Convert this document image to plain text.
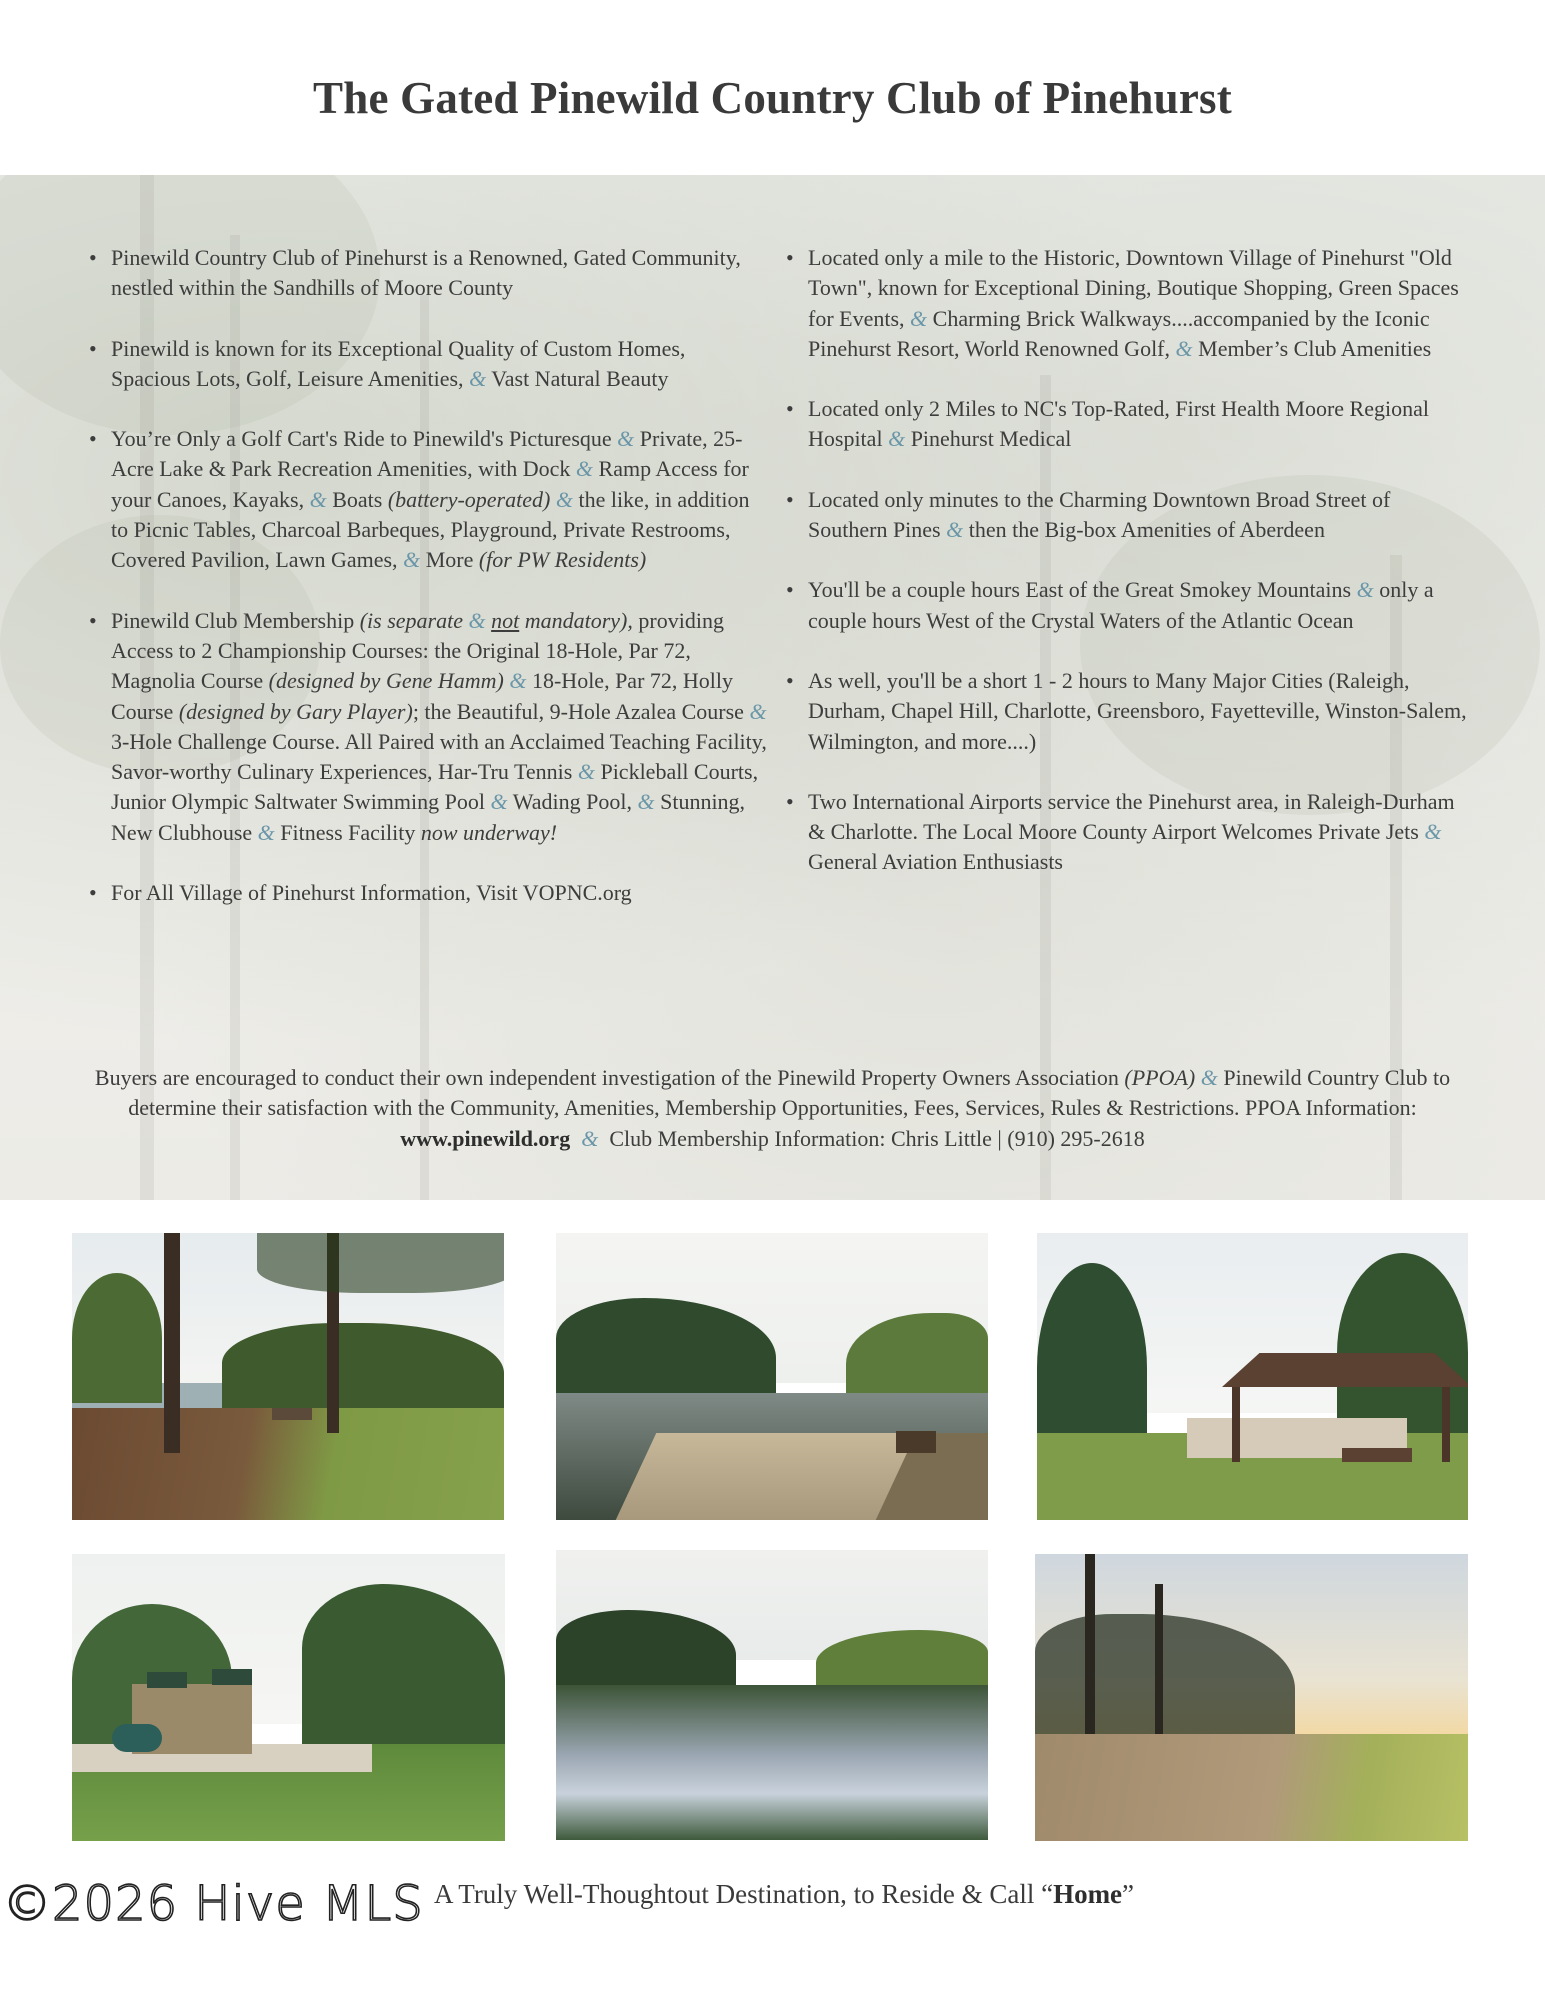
The Gated Pinewild Country Club of Pinehurst
• Pinewild Country Club of Pinehurst is a Renowned, Gated Community, nestled within the Sandhills of Moore County
• Pinewild is known for its Exceptional Quality of Custom Homes, Spacious Lots, Golf, Leisure Amenities, & Vast Natural Beauty
• You’re Only a Golf Cart's Ride to Pinewild's Picturesque & Private, 25-Acre Lake & Park Recreation Amenities, with Dock & Ramp Access for your Canoes, Kayaks, & Boats (battery-operated) & the like, in addition to Picnic Tables, Charcoal Barbeques, Playground, Private Restrooms, Covered Pavilion, Lawn Games, & More (for PW Residents)
• Pinewild Club Membership (is separate & not mandatory), providing Access to 2 Championship Courses: the Original 18-Hole, Par 72, Magnolia Course (designed by Gene Hamm) & 18-Hole, Par 72, Holly Course (designed by Gary Player); the Beautiful, 9-Hole Azalea Course & 3-Hole Challenge Course. All Paired with an Acclaimed Teaching Facility, Savor-worthy Culinary Experiences, Har-Tru Tennis & Pickleball Courts, Junior Olympic Saltwater Swimming Pool & Wading Pool, & Stunning, New Clubhouse & Fitness Facility now underway!
• For All Village of Pinehurst Information, Visit VOPNC.org
• Located only a mile to the Historic, Downtown Village of Pinehurst "Old Town", known for Exceptional Dining, Boutique Shopping, Green Spaces for Events, & Charming Brick Walkways....accompanied by the Iconic Pinehurst Resort, World Renowned Golf, & Member’s Club Amenities
• Located only 2 Miles to NC's Top-Rated, First Health Moore Regional Hospital & Pinehurst Medical
• Located only minutes to the Charming Downtown Broad Street of Southern Pines & then the Big-box Amenities of Aberdeen
• You'll be a couple hours East of the Great Smokey Mountains & only a couple hours West of the Crystal Waters of the Atlantic Ocean
• As well, you'll be a short 1 - 2 hours to Many Major Cities (Raleigh, Durham, Chapel Hill, Charlotte, Greensboro, Fayetteville, Winston-Salem, Wilmington, and more....)
• Two International Airports service the Pinehurst area, in Raleigh-Durham & Charlotte. The Local Moore County Airport Welcomes Private Jets & General Aviation Enthusiasts
Buyers are encouraged to conduct their own independent investigation of the Pinewild Property Owners Association (PPOA) & Pinewild Country Club to determine their satisfaction with the Community, Amenities, Membership Opportunities, Fees, Services, Rules & Restrictions. PPOA Information: www.pinewild.org & Club Membership Information: Chris Little | (910) 295-2618
A Truly Well-Thoughtout Destination, to Reside & Call “Home”
©2026 Hive MLS
